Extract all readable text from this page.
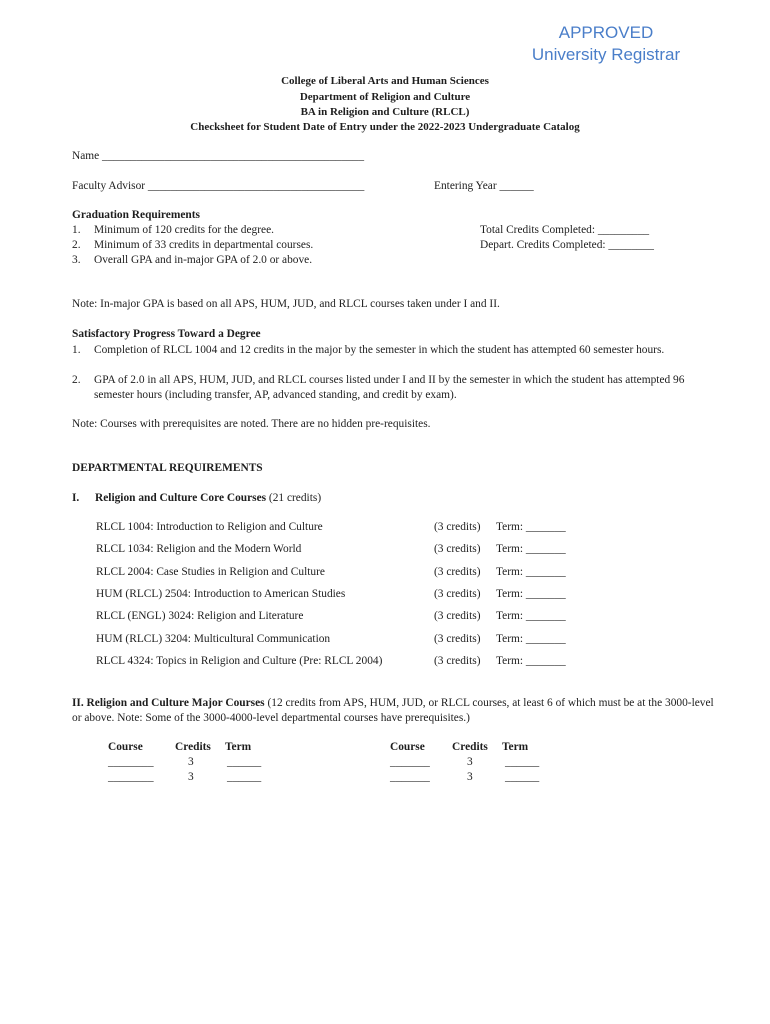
APPROVED
University Registrar
College of Liberal Arts and Human Sciences
Department of Religion and Culture
BA in Religion and Culture (RLCL)
Checksheet for Student Date of Entry under the 2022-2023 Undergraduate Catalog
Name ______________________________________________
Faculty Advisor ______________________________________	Entering Year ______
Graduation Requirements
1. Minimum of 120 credits for the degree.
2. Minimum of 33 credits in departmental courses.
3. Overall GPA and in-major GPA of 2.0 or above.
Total Credits Completed: _________
Depart. Credits Completed: ________
Note: In-major GPA is based on all APS, HUM, JUD, and RLCL courses taken under I and II.
Satisfactory Progress Toward a Degree
1.	Completion of RLCL 1004 and 12 credits in the major by the semester in which the student has attempted 60 semester hours.
2.	GPA of 2.0 in all APS, HUM, JUD, and RLCL courses listed under I and II by the semester in which the student has attempted 96 semester hours (including transfer, AP, advanced standing, and credit by exam).
Note: Courses with prerequisites are noted. There are no hidden pre-requisites.
DEPARTMENTAL REQUIREMENTS
I. Religion and Culture Core Courses (21 credits)
RLCL 1004: Introduction to Religion and Culture	(3 credits) Term: _______
RLCL 1034: Religion and the Modern World	(3 credits) Term: _______
RLCL 2004: Case Studies in Religion and Culture	(3 credits) Term: _______
HUM (RLCL) 2504: Introduction to American Studies	(3 credits) Term: _______
RLCL (ENGL) 3024: Religion and Literature	(3 credits) Term: _______
HUM (RLCL) 3204: Multicultural Communication	(3 credits) Term: _______
RLCL 4324: Topics in Religion and Culture (Pre: RLCL 2004)	(3 credits) Term: _______
II. Religion and Culture Major Courses (12 credits from APS, HUM, JUD, or RLCL courses, at least 6 of which must be at the 3000-level or above. Note: Some of the 3000-4000-level departmental courses have prerequisites.)
Course	Credits Term
________	3	______
________	3	______
Course Credits Term
_______	3	______
_______	3	______
